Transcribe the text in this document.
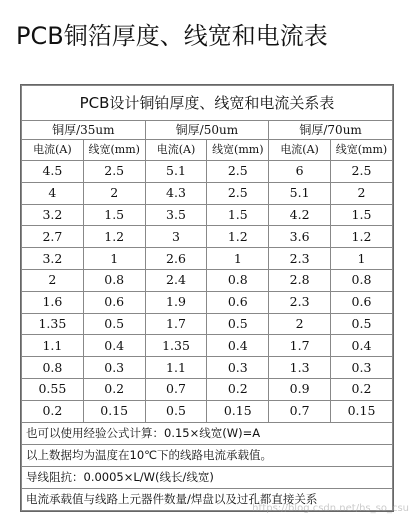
PCB铜箔厚度、线宽和电流表
PCB设计铜铂厚度、线宽和电流关系表					
铜厚/35um		铜厚/50um		铜厚/70um	
电流(A)	线宽(mm)	电流(A)	线宽(mm)	电流(A)	线宽(mm)
4.5	2.5	5.1	2.5	6	2.5
4	2	4.3	2.5	5.1	2
3.2	1.5	3.5	1.5	4.2	1.5
2.7	1.2	3	1.2	3.6	1.2
3.2	1	2.6	1	2.3	1
2	0.8	2.4	0.8	2.8	0.8
1.6	0.6	1.9	0.6	2.3	0.6
1.35	0.5	1.7	0.5	2	0.5
1.1	0.4	1.35	0.4	1.7	0.4
0.8	0.3	1.1	0.3	1.3	0.3
0.55	0.2	0.7	0.2	0.9	0.2
0.2	0.15	0.5	0.15	0.7	0.15
也可以使用经验公式计算：0.15×线宽(W)=A					
以上数据均为温度在10℃下的线路电流承载值。					
导线阻抗：0.0005×L/W(线长/线宽)					
电流承载值与线路上元器件数量/焊盘以及过孔都直接关系					
https://blog.csdn.net/hs_so_csu
